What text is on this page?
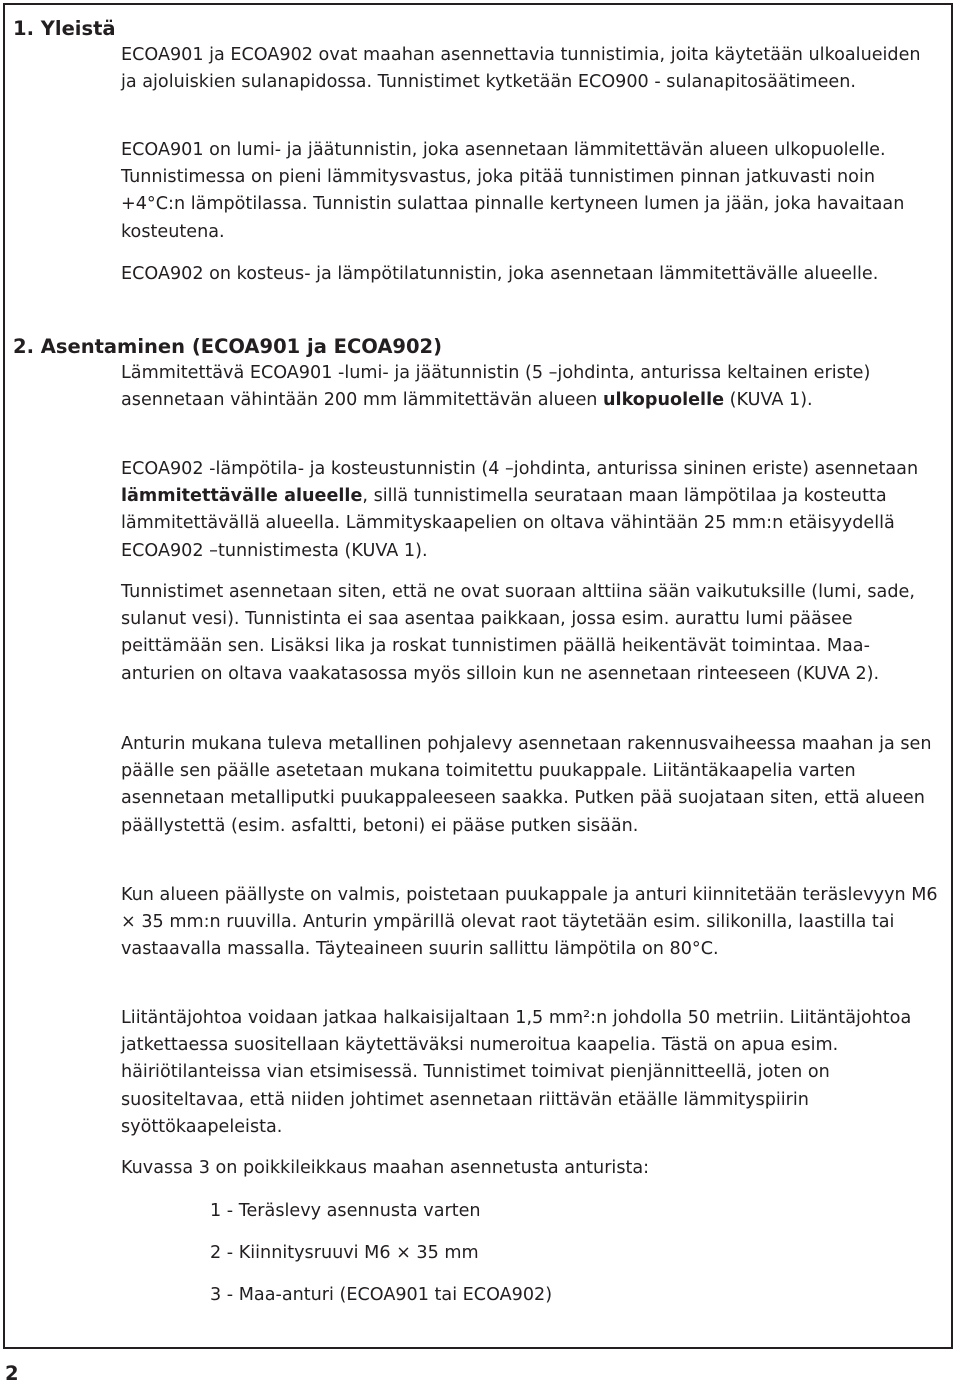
1. Yleistä

ECOA901 ja ECOA902 ovat maahan asennettavia tunnistimia, joita käytetään ulkoalueiden ja ajoluiskien sulanapidossa. Tunnistimet kytketään ECO900 - sulanapitosäätimeen.

ECOA901 on lumi- ja jäätunnistin, joka asennetaan lämmitettävän alueen ulkopuolelle. Tunnistimessa on pieni lämmitysvastus, joka pitää tunnistimen pinnan jatkuvasti noin +4°C:n lämpötilassa. Tunnistin sulattaa pinnalle kertyneen lumen ja jään, joka havaitaan kosteutena.

ECOA902 on kosteus- ja lämpötilatunnistin, joka asennetaan lämmitettävälle alueelle.

2. Asentaminen (ECOA901 ja ECOA902)

Lämmitettävä ECOA901 -lumi- ja jäätunnistin (5 –johdinta, anturissa keltainen eriste) asennetaan vähintään 200 mm lämmitettävän alueen ulkopuolelle (KUVA 1).

ECOA902 -lämpötila- ja kosteustunnistin (4 –johdinta, anturissa sininen eriste) asennetaan lämmitettävälle alueelle, sillä tunnistimella seurataan maan lämpötilaa ja kosteutta lämmitettävällä alueella. Lämmityskaapelien on oltava vähintään 25 mm:n etäisyydellä ECOA902 –tunnistimesta (KUVA 1).

Tunnistimet asennetaan siten, että ne ovat suoraan alttiina sään vaikutuksille (lumi, sade, sulanut vesi). Tunnistinta ei saa asentaa paikkaan, jossa esim. aurattu lumi pääsee peittämään sen. Lisäksi lika ja roskat tunnistimen päällä heikentävät toimintaa. Maa-anturien on oltava vaakatasossa myös silloin kun ne asennetaan rinteeseen (KUVA 2).

Anturin mukana tuleva metallinen pohjalevy asennetaan rakennusvaiheessa maahan ja sen päälle sen päälle asetetaan mukana toimitettu puukappale. Liitäntäkaapelia varten asennetaan metalliputki puukappaleeseen saakka. Putken pää suojataan siten, että alueen päällystettä (esim. asfaltti, betoni) ei pääse putken sisään.

Kun alueen päällyste on valmis, poistetaan puukappale ja anturi kiinnitetään teräslevyyn M6 × 35 mm:n ruuvilla. Anturin ympärillä olevat raot täytetään esim. silikonilla, laastilla tai vastaavalla massalla. Täyteaineen suurin sallittu lämpötila on 80°C.

Liitäntäjohtoa voidaan jatkaa halkaisijaltaan 1,5 mm²:n johdolla 50 metriin. Liitäntäjohtoa jatkettaessa suositellaan käytettäväksi numeroitua kaapelia. Tästä on apua esim. häiriötilanteissa vian etsimisessä. Tunnistimet toimivat pienjännitteellä, joten on suositeltavaa, että niiden johtimet asennetaan riittävän etäälle lämmityspiirin syöttökaapeleista.

Kuvassa 3 on poikkileikkaus maahan asennetusta anturista:

1 - Teräslevy asennusta varten

2 - Kiinnitysruuvi M6 × 35 mm

3 - Maa-anturi (ECOA901 tai ECOA902)

2
